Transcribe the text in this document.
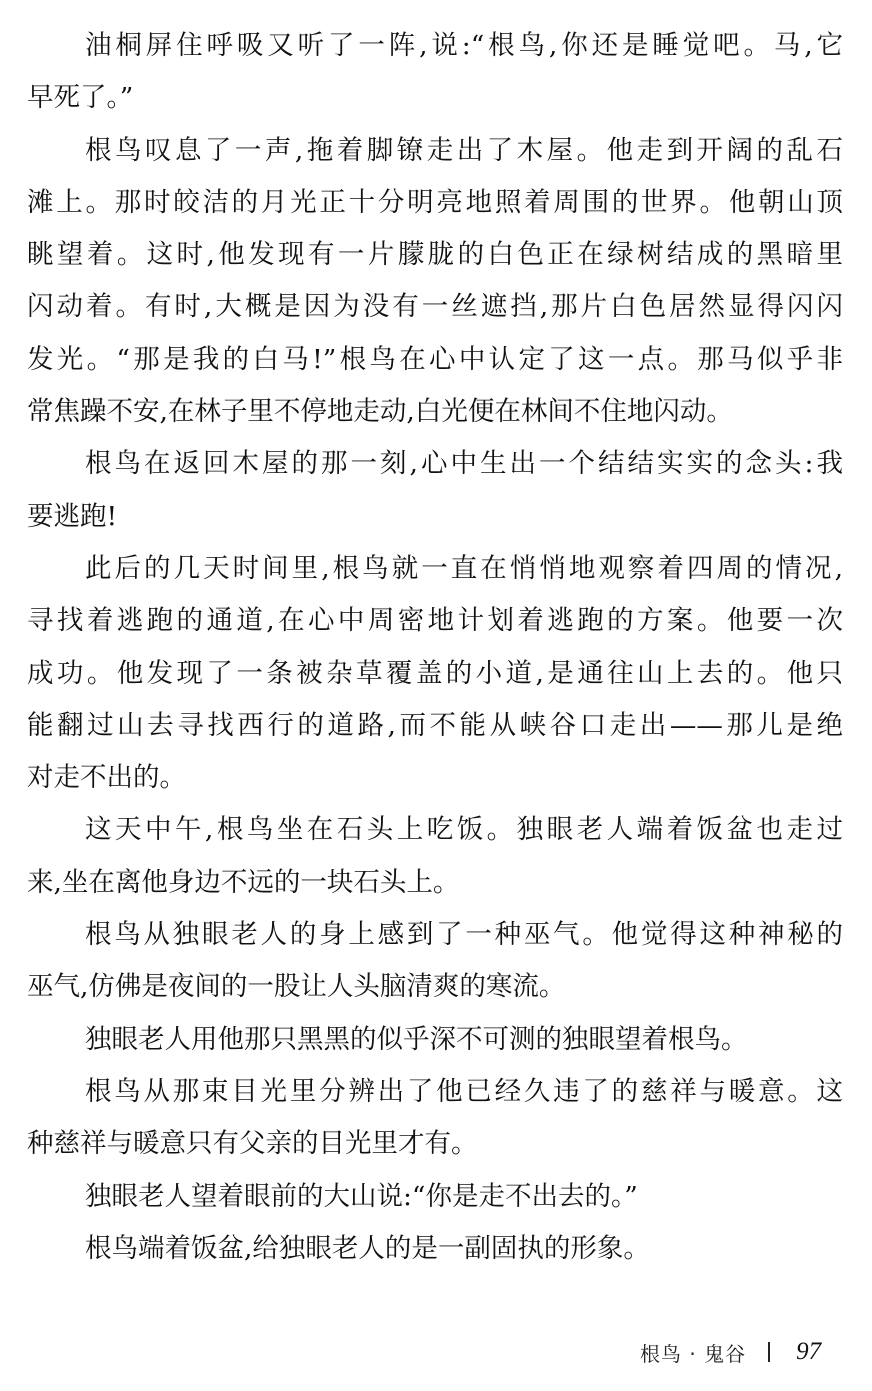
油桐屏住呼吸又听了一阵,说:“根鸟,你还是睡觉吧。马,它
早死了。”
根鸟叹息了一声,拖着脚镣走出了木屋。他走到开阔的乱石
滩上。那时皎洁的月光正十分明亮地照着周围的世界。他朝山顶
眺望着。这时,他发现有一片朦胧的白色正在绿树结成的黑暗里
闪动着。有时,大概是因为没有一丝遮挡,那片白色居然显得闪闪
发光。“那是我的白马!”根鸟在心中认定了这一点。那马似乎非
常焦躁不安,在林子里不停地走动,白光便在林间不住地闪动。
根鸟在返回木屋的那一刻,心中生出一个结结实实的念头:我
要逃跑!
此后的几天时间里,根鸟就一直在悄悄地观察着四周的情况,
寻找着逃跑的通道,在心中周密地计划着逃跑的方案。他要一次
成功。他发现了一条被杂草覆盖的小道,是通往山上去的。他只
能翻过山去寻找西行的道路,而不能从峡谷口走出——那儿是绝
对走不出的。
这天中午,根鸟坐在石头上吃饭。独眼老人端着饭盆也走过
来,坐在离他身边不远的一块石头上。
根鸟从独眼老人的身上感到了一种巫气。他觉得这种神秘的
巫气,仿佛是夜间的一股让人头脑清爽的寒流。
独眼老人用他那只黑黑的似乎深不可测的独眼望着根鸟。
根鸟从那束目光里分辨出了他已经久违了的慈祥与暖意。这
种慈祥与暖意只有父亲的目光里才有。
独眼老人望着眼前的大山说:“你是走不出去的。”
根鸟端着饭盆,给独眼老人的是一副固执的形象。
根鸟 · 鬼谷 97
